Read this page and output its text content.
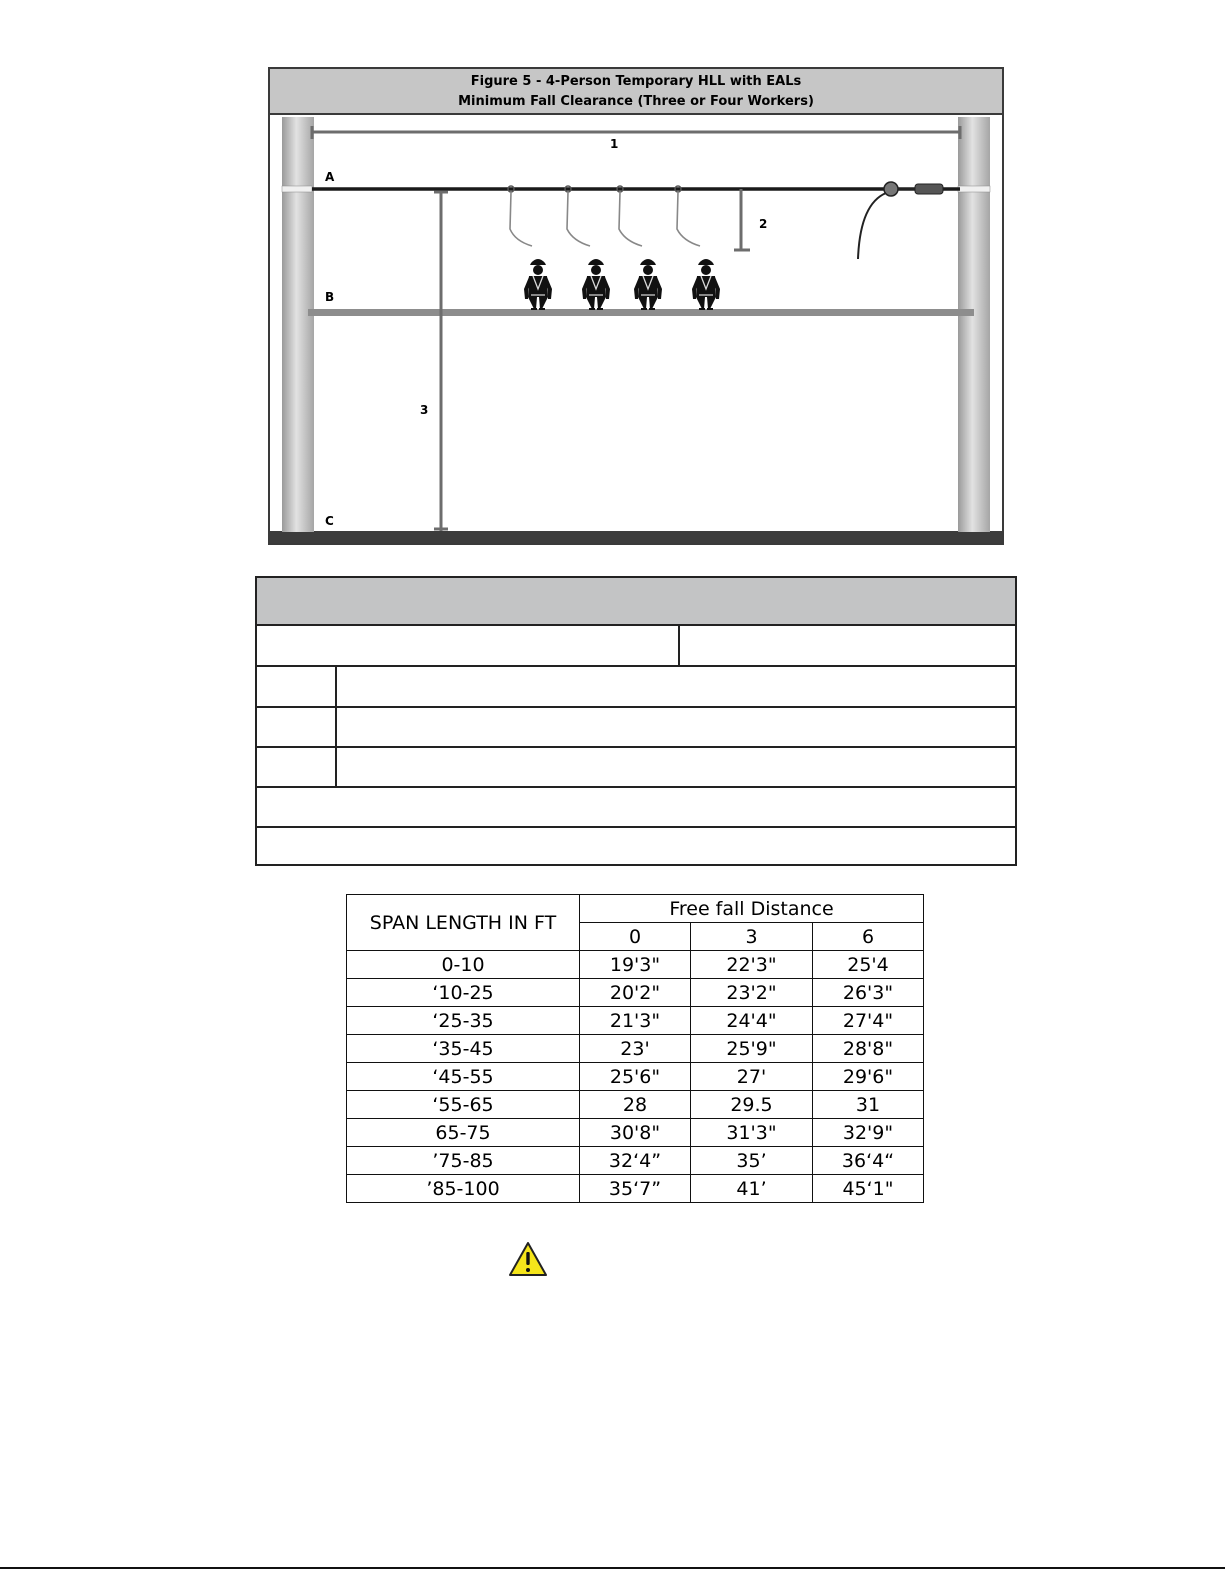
Figure 5 - 4-Person Temporary HLL with EALs
Minimum Fall Clearance (Three or Four Workers)
1
A
B
3
2
C
SPAN LENGTH IN FT	Free fall Distance		
	0	3	6
0-10	19'3"	22'3"	25'4
‘10-25	20'2"	23'2"	26'3"
‘25-35	21'3"	24'4"	27'4"
‘35-45	23'	25'9"	28'8"
‘45-55	25'6"	27'	29'6"
‘55-65	28	29.5	31
65-75	30'8"	31'3"	32'9"
’75-85	32‘4”	35’	36‘4“
’85-100	35‘7”	41’	45‘1"
